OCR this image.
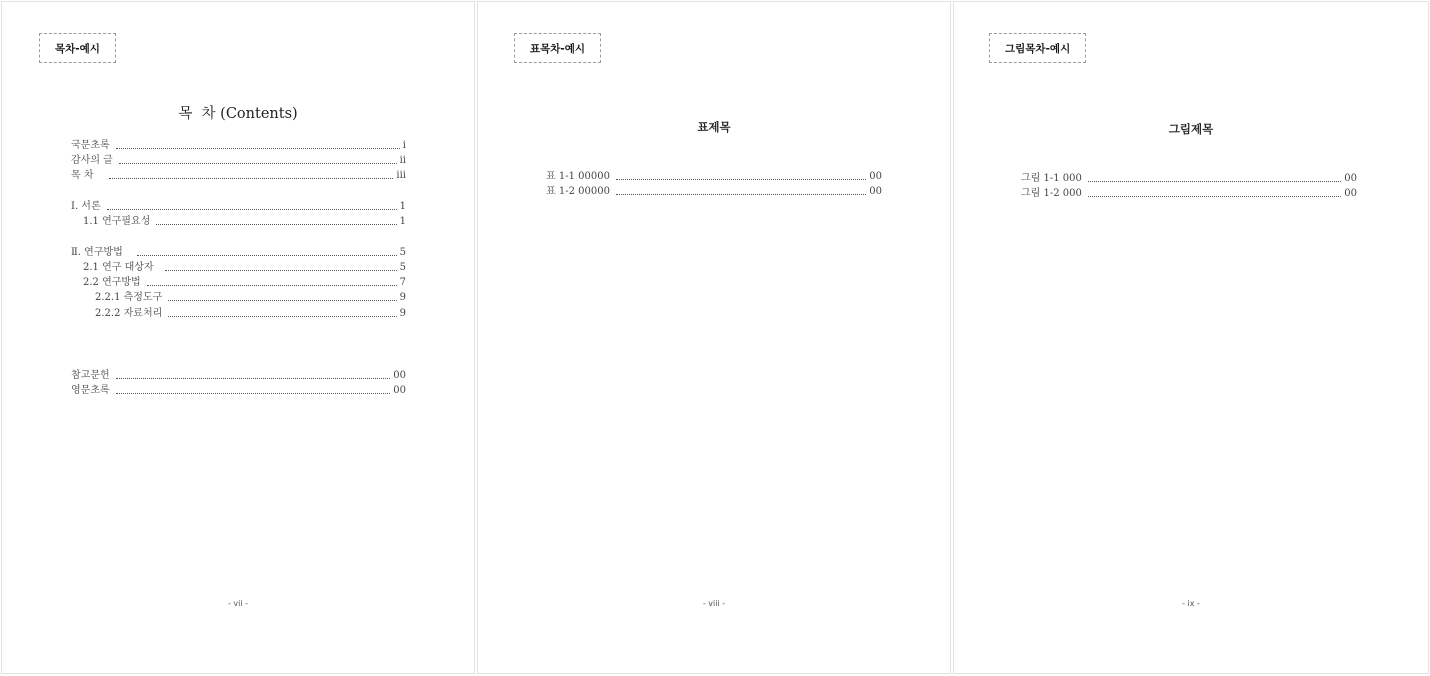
목차-예시
목  차 (Contents)
국문초록	i
감사의 글	ii
목 차	iii
Ⅰ. 서론	1
1.1 연구필요성	1
Ⅱ. 연구방법	5
2.1 연구 대상자	5
2.2 연구방법	7
2.2.1 측정도구	9
2.2.2 자료처리	9
참고문헌	00
영문초록	00
- vii -
표목차-예시
표제목
표 1-1 00000	00
표 1-2 00000	00
- viii -
그림목차-예시
그림제목
그림 1-1 000	00
그림 1-2 000	00
- ix -
